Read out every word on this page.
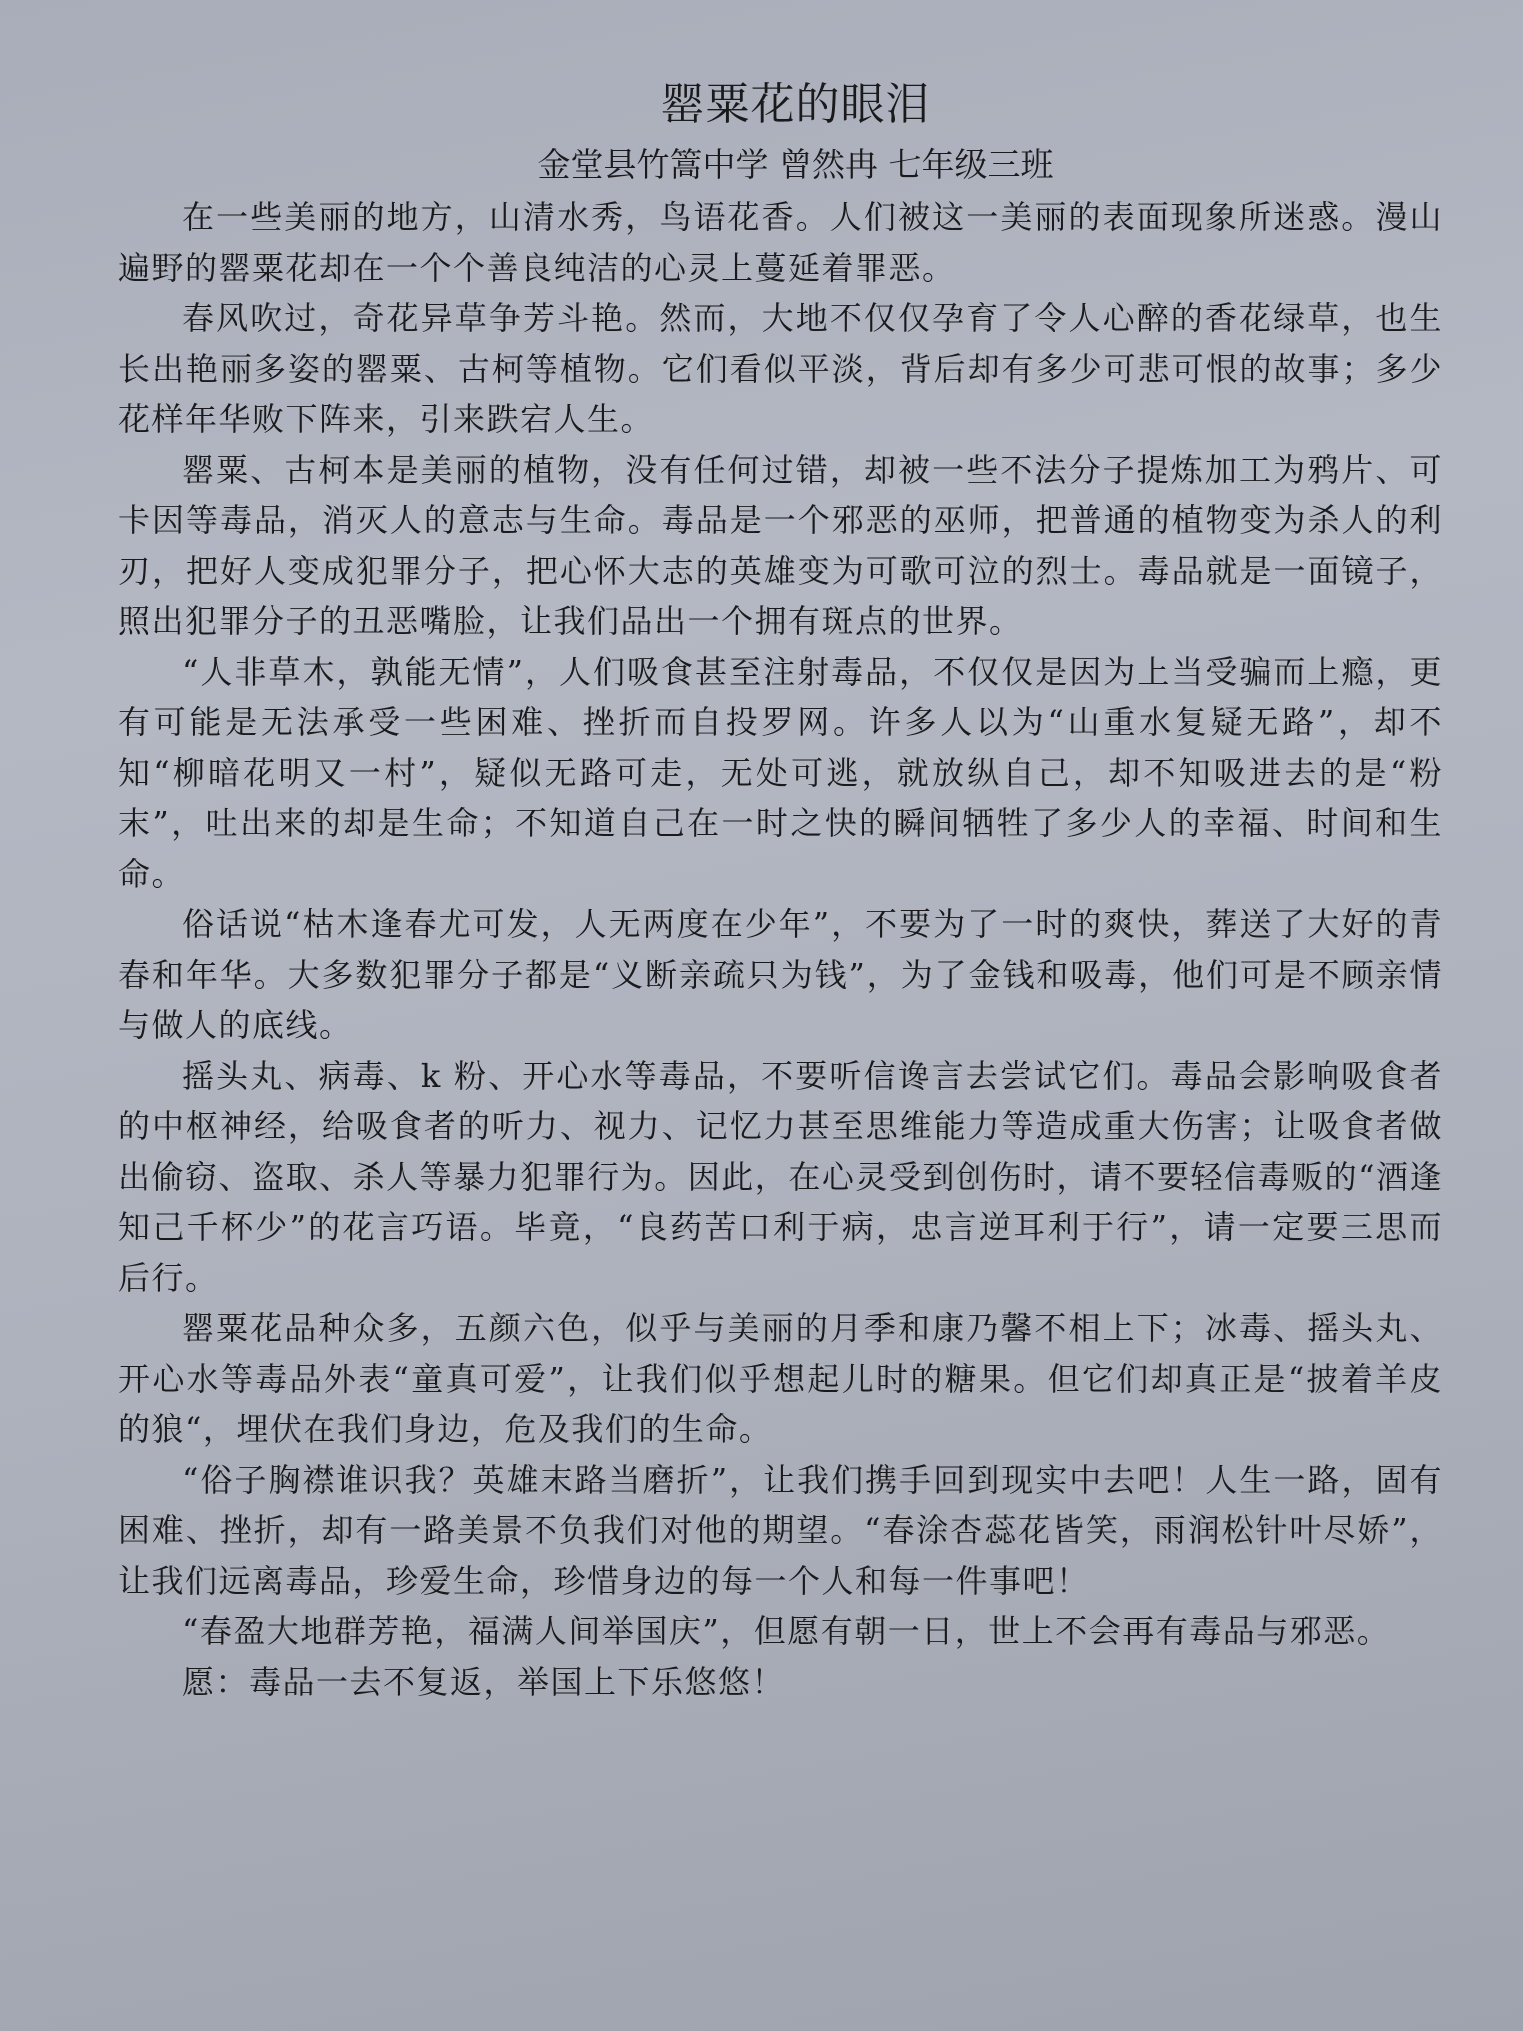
罂粟花的眼泪
金堂县竹篙中学 曾然冉 七年级三班

在一些美丽的地方，山清水秀，鸟语花香。人们被这一美丽的表面现象所迷惑。漫山遍野的罂粟花却在一个个善良纯洁的心灵上蔓延着罪恶。

春风吹过，奇花异草争芳斗艳。然而，大地不仅仅孕育了令人心醉的香花绿草，也生长出艳丽多姿的罂粟、古柯等植物。它们看似平淡，背后却有多少可悲可恨的故事；多少花样年华败下阵来，引来跌宕人生。

罂粟、古柯本是美丽的植物，没有任何过错，却被一些不法分子提炼加工为鸦片、可卡因等毒品，消灭人的意志与生命。毒品是一个邪恶的巫师，把普通的植物变为杀人的利刃，把好人变成犯罪分子，把心怀大志的英雄变为可歌可泣的烈士。毒品就是一面镜子，照出犯罪分子的丑恶嘴脸，让我们品出一个拥有斑点的世界。

“人非草木，孰能无情”，人们吸食甚至注射毒品，不仅仅是因为上当受骗而上瘾，更有可能是无法承受一些困难、挫折而自投罗网。许多人以为“山重水复疑无路”，却不知“柳暗花明又一村”，疑似无路可走，无处可逃，就放纵自己，却不知吸进去的是“粉末”，吐出来的却是生命；不知道自己在一时之快的瞬间牺牲了多少人的幸福、时间和生命。

俗话说“枯木逢春尤可发，人无两度在少年”，不要为了一时的爽快，葬送了大好的青春和年华。大多数犯罪分子都是“义断亲疏只为钱”，为了金钱和吸毒，他们可是不顾亲情与做人的底线。

摇头丸、病毒、k 粉、开心水等毒品，不要听信谗言去尝试它们。毒品会影响吸食者的中枢神经，给吸食者的听力、视力、记忆力甚至思维能力等造成重大伤害；让吸食者做出偷窃、盗取、杀人等暴力犯罪行为。因此，在心灵受到创伤时，请不要轻信毒贩的“酒逢知己千杯少”的花言巧语。毕竟，“良药苦口利于病，忠言逆耳利于行”，请一定要三思而后行。

罂粟花品种众多，五颜六色，似乎与美丽的月季和康乃馨不相上下；冰毒、摇头丸、开心水等毒品外表“童真可爱”，让我们似乎想起儿时的糖果。但它们却真正是“披着羊皮的狼“，埋伏在我们身边，危及我们的生命。

“俗子胸襟谁识我？英雄末路当磨折”，让我们携手回到现实中去吧！人生一路，固有困难、挫折，却有一路美景不负我们对他的期望。“春涂杏蕊花皆笑，雨润松针叶尽娇”，让我们远离毒品，珍爱生命，珍惜身边的每一个人和每一件事吧！

“春盈大地群芳艳，福满人间举国庆”，但愿有朝一日，世上不会再有毒品与邪恶。

愿：毒品一去不复返，举国上下乐悠悠！
